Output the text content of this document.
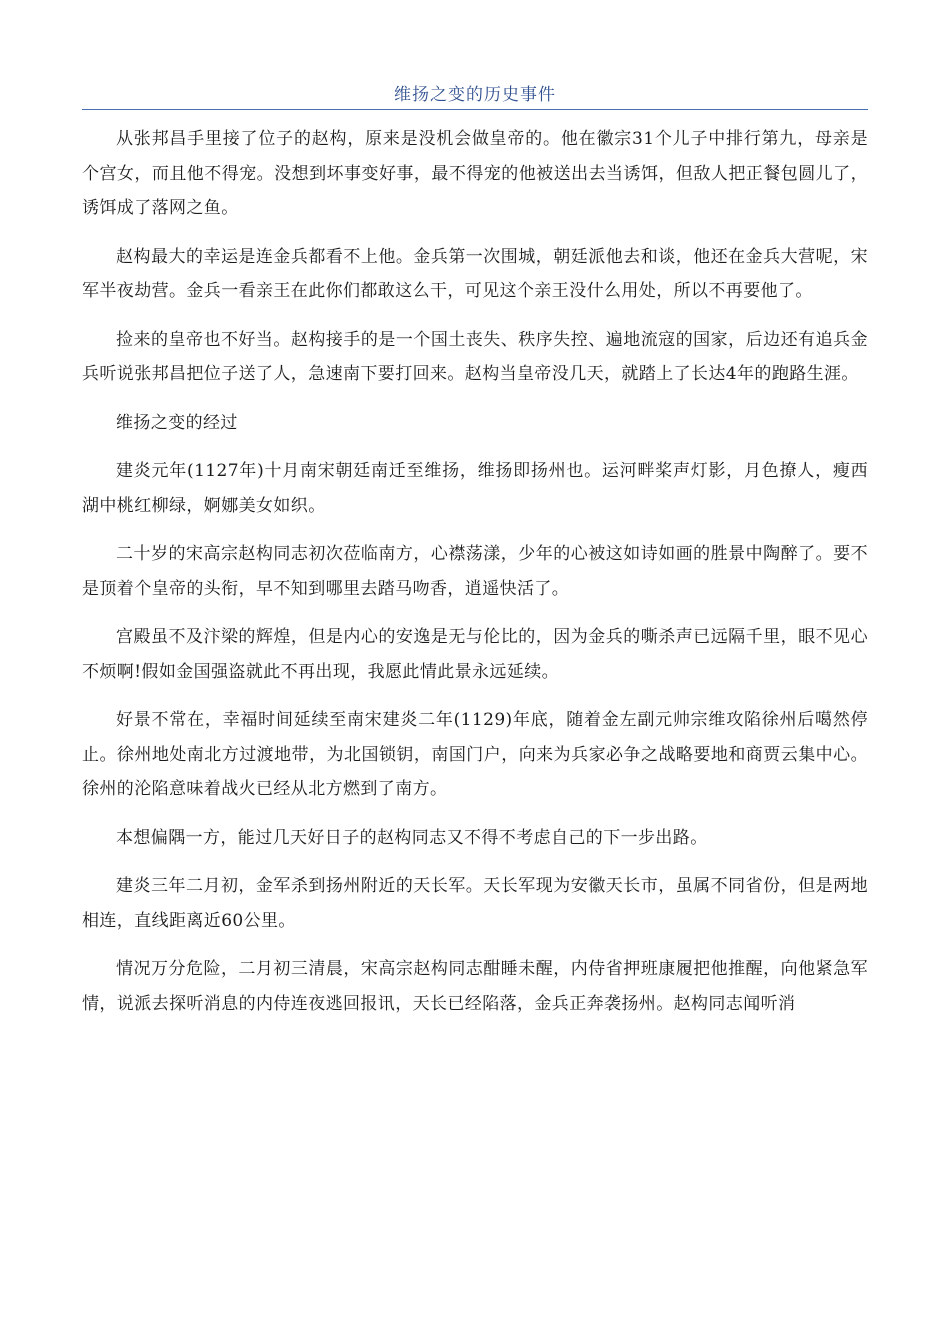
维扬之变的历史事件

从张邦昌手里接了位子的赵构，原来是没机会做皇帝的。他在徽宗31个儿子中排行第九，母亲是个宫女，而且他不得宠。没想到坏事变好事，最不得宠的他被送出去当诱饵，但敌人把正餐包圆儿了，诱饵成了落网之鱼。

赵构最大的幸运是连金兵都看不上他。金兵第一次围城，朝廷派他去和谈，他还在金兵大营呢，宋军半夜劫营。金兵一看亲王在此你们都敢这么干，可见这个亲王没什么用处，所以不再要他了。

捡来的皇帝也不好当。赵构接手的是一个国土丧失、秩序失控、遍地流寇的国家，后边还有追兵金兵听说张邦昌把位子送了人，急速南下要打回来。赵构当皇帝没几天，就踏上了长达4年的跑路生涯。

维扬之变的经过

建炎元年(1127年)十月南宋朝廷南迁至维扬，维扬即扬州也。运河畔桨声灯影，月色撩人，瘦西湖中桃红柳绿，婀娜美女如织。

二十岁的宋高宗赵构同志初次莅临南方，心襟荡漾，少年的心被这如诗如画的胜景中陶醉了。要不是顶着个皇帝的头衔，早不知到哪里去踏马吻香，逍遥快活了。

宫殿虽不及汴梁的辉煌，但是内心的安逸是无与伦比的，因为金兵的嘶杀声已远隔千里，眼不见心不烦啊!假如金国强盗就此不再出现，我愿此情此景永远延续。

好景不常在，幸福时间延续至南宋建炎二年(1129)年底，随着金左副元帅宗维攻陷徐州后噶然停止。徐州地处南北方过渡地带，为北国锁钥，南国门户，向来为兵家必争之战略要地和商贾云集中心。徐州的沦陷意味着战火已经从北方燃到了南方。

本想偏隅一方，能过几天好日子的赵构同志又不得不考虑自己的下一步出路。

建炎三年二月初，金军杀到扬州附近的天长军。天长军现为安徽天长市，虽属不同省份，但是两地相连，直线距离近60公里。

情况万分危险，二月初三清晨，宋高宗赵构同志酣睡未醒，内侍省押班康履把他推醒，向他紧急军情，说派去探听消息的内侍连夜逃回报讯，天长已经陷落，金兵正奔袭扬州。赵构同志闻听消
